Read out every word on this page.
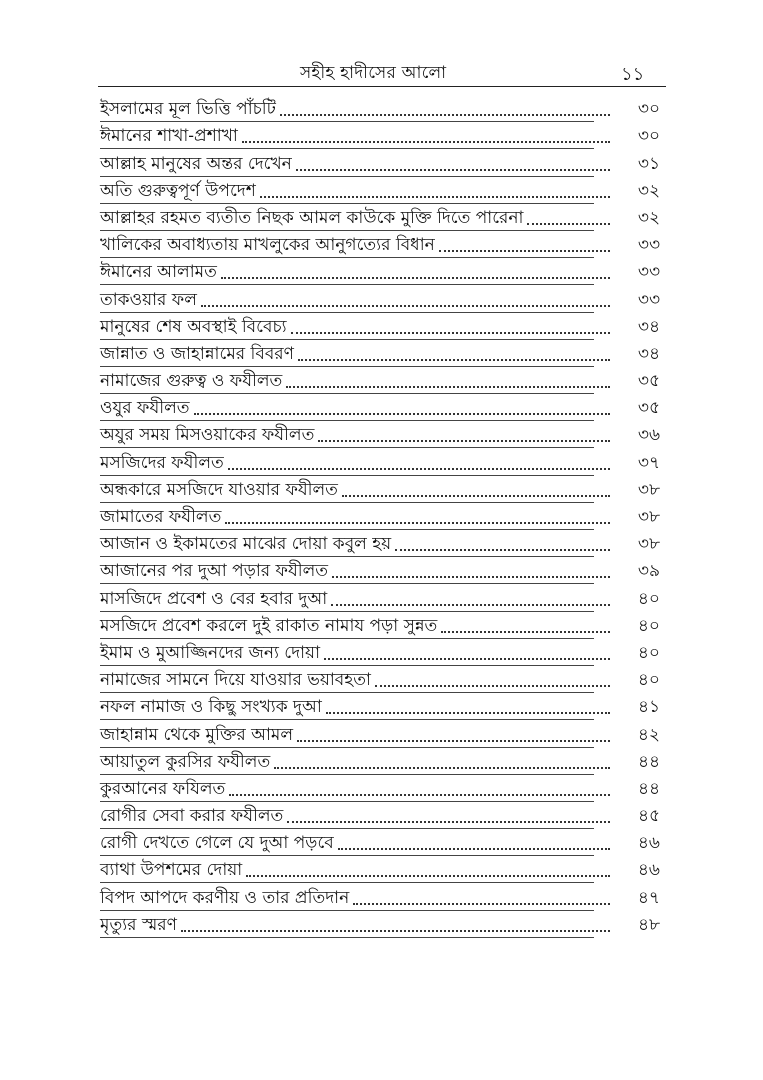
সহীহ হাদীসের আলো	১১
ইসলামের মূল ভিত্তি পাঁচটি	৩০
ঈমানের শাখা-প্রশাখা	৩০
আল্লাহ মানুষের অন্তর দেখেন	৩১
অতি গুরুত্বপূর্ণ উপদেশ	৩২
আল্লাহর রহমত ব্যতীত নিছক আমল কাউকে মুক্তি দিতে পারেনা	৩২
খালিকের অবাধ্যতায় মাখলুকের আনুগত্যের বিধান	৩৩
ঈমানের আলামত	৩৩
তাকওয়ার ফল	৩৩
মানুষের শেষ অবস্থাই বিবেচ্য	৩৪
জান্নাত ও জাহান্নামের বিবরণ	৩৪
নামাজের গুরুত্ব ও ফযীলত	৩৫
ওযুর ফযীলত	৩৫
অযুর সময় মিসওয়াকের ফযীলত	৩৬
মসজিদের ফযীলত	৩৭
অন্ধকারে মসজিদে যাওয়ার ফযীলত	৩৮
জামাতের ফযীলত	৩৮
আজান ও ইকামতের মাঝের দোয়া কবুল হয়	৩৮
আজানের পর দুআ পড়ার ফযীলত	৩৯
মাসজিদে প্রবেশ ও বের হবার দুআ	৪০
মসজিদে প্রবেশ করলে দুই রাকাত নামায পড়া সুন্নত	৪০
ইমাম ও মুআজ্জিনদের জন্য দোয়া	৪০
নামাজের সামনে দিয়ে যাওয়ার ভয়াবহতা	৪০
নফল নামাজ ও কিছু সংখ্যক দুআ	৪১
জাহান্নাম থেকে মুক্তির আমল	৪২
আয়াতুল কুরসির ফযীলত	৪৪
কুরআনের ফযিলত	৪৪
রোগীর সেবা করার ফযীলত	৪৫
রোগী দেখতে গেলে যে দুআ পড়বে	৪৬
ব্যাথা উপশমের দোয়া	৪৬
বিপদ আপদে করণীয় ও তার প্রতিদান	৪৭
মৃত্যুর স্মরণ	৪৮
